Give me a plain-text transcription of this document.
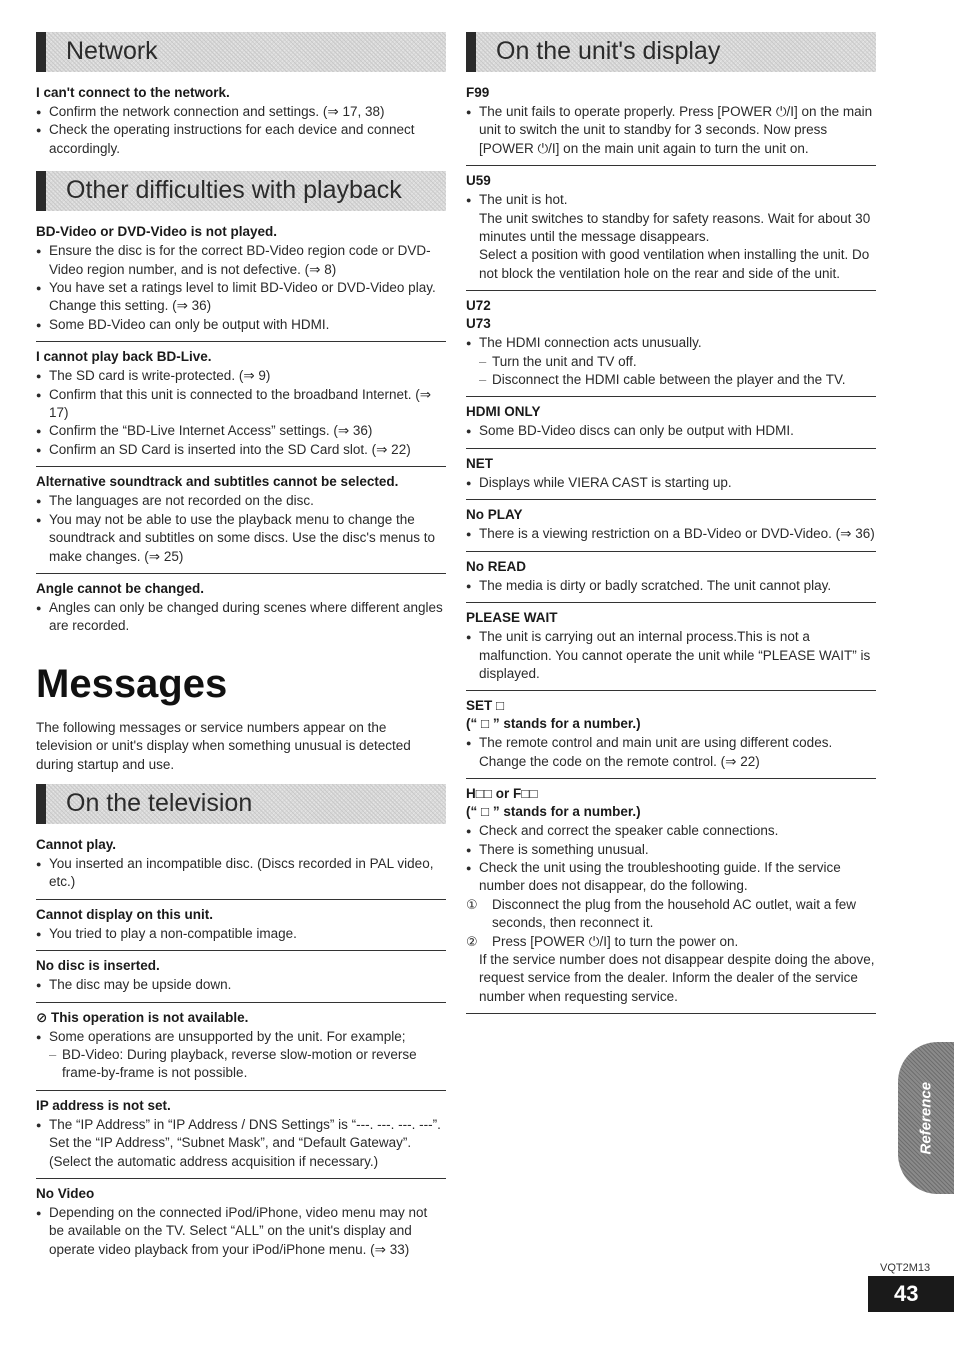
Network
I can't connect to the network.
● Confirm the network connection and settings. (⇒ 17, 38)
● Check the operating instructions for each device and connect accordingly.
Other difficulties with playback
BD-Video or DVD-Video is not played.
● Ensure the disc is for the correct BD-Video region code or DVD-Video region number, and is not defective. (⇒ 8)
● You have set a ratings level to limit BD-Video or DVD-Video play. Change this setting. (⇒ 36)
● Some BD-Video can only be output with HDMI.
I cannot play back BD-Live.
● The SD card is write-protected. (⇒ 9)
● Confirm that this unit is connected to the broadband Internet. (⇒ 17)
● Confirm the “BD-Live Internet Access” settings. (⇒ 36)
● Confirm an SD Card is inserted into the SD Card slot. (⇒ 22)
Alternative soundtrack and subtitles cannot be selected.
● The languages are not recorded on the disc.
● You may not be able to use the playback menu to change the soundtrack and subtitles on some discs. Use the disc's menus to make changes. (⇒ 25)
Angle cannot be changed.
● Angles can only be changed during scenes where different angles are recorded.
Messages
The following messages or service numbers appear on the television or unit's display when something unusual is detected during startup and use.
On the television
Cannot play.
● You inserted an incompatible disc. (Discs recorded in PAL video, etc.)
Cannot display on this unit.
● You tried to play a non-compatible image.
No disc is inserted.
● The disc may be upside down.
⊘ This operation is not available.
● Some operations are unsupported by the unit. For example;
– BD-Video: During playback, reverse slow-motion or reverse frame-by-frame is not possible.
IP address is not set.
● The “IP Address” in “IP Address / DNS Settings” is “---. ---. ---. ---”. Set the “IP Address”, “Subnet Mask”, and “Default Gateway”. (Select the automatic address acquisition if necessary.)
No Video
● Depending on the connected iPod/iPhone, video menu may not be available on the TV. Select “ALL” on the unit's display and operate video playback from your iPod/iPhone menu. (⇒ 33)
On the unit's display
F99
● The unit fails to operate properly. Press [POWER ⏻/I] on the main unit to switch the unit to standby for 3 seconds. Now press [POWER ⏻/I] on the main unit again to turn the unit on.
U59
● The unit is hot.
The unit switches to standby for safety reasons. Wait for about 30 minutes until the message disappears.
Select a position with good ventilation when installing the unit. Do not block the ventilation hole on the rear and side of the unit.
U72
U73
● The HDMI connection acts unusually.
– Turn the unit and TV off.
– Disconnect the HDMI cable between the player and the TV.
HDMI ONLY
● Some BD-Video discs can only be output with HDMI.
NET
● Displays while VIERA CAST is starting up.
No PLAY
● There is a viewing restriction on a BD-Video or DVD-Video. (⇒ 36)
No READ
● The media is dirty or badly scratched. The unit cannot play.
PLEASE WAIT
● The unit is carrying out an internal process.This is not a malfunction. You cannot operate the unit while “PLEASE WAIT” is displayed.
SET □
(“ □ ” stands for a number.)
● The remote control and main unit are using different codes. Change the code on the remote control. (⇒ 22)
H□□ or F□□
(“ □ ” stands for a number.)
● Check and correct the speaker cable connections.
● There is something unusual.
● Check the unit using the troubleshooting guide. If the service number does not disappear, do the following.
① Disconnect the plug from the household AC outlet, wait a few seconds, then reconnect it.
② Press [POWER ⏻/I] to turn the power on.
If the service number does not disappear despite doing the above, request service from the dealer. Inform the dealer of the service number when requesting service.
Reference
VQT2M13
43
